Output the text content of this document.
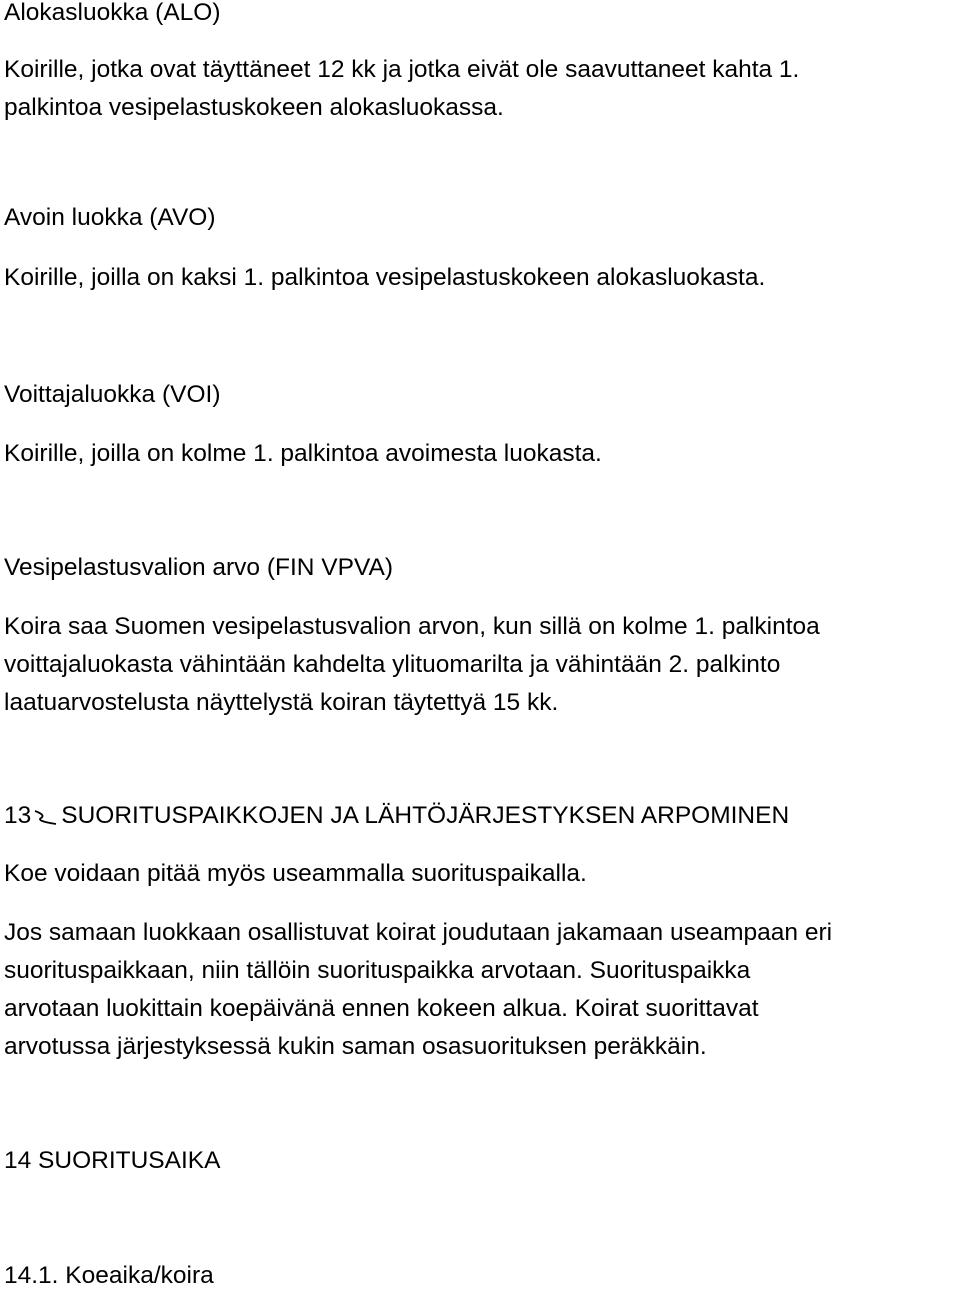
Alokasluokka (ALO)

Koirille, jotka ovat täyttäneet 12 kk ja jotka eivät ole saavuttaneet kahta 1.
palkintoa vesipelastuskokeen alokasluokassa.

Avoin luokka (AVO)

Koirille, joilla on kaksi 1. palkintoa vesipelastuskokeen alokasluokasta.

Voittajaluokka (VOI)

Koirille, joilla on kolme 1. palkintoa avoimesta luokasta.

Vesipelastusvalion arvo (FIN VPVA)

Koira saa Suomen vesipelastusvalion arvon, kun sillä on kolme 1. palkintoa
voittajaluokasta vähintään kahdelta ylituomarilta ja vähintään 2. palkinto
laatuarvostelusta näyttelystä koiran täytettyä 15 kk.

13 SUORITUSPAIKKOJEN JA LÄHTÖJÄRJESTYKSEN ARPOMINEN

Koe voidaan pitää myös useammalla suorituspaikalla.

Jos samaan luokkaan osallistuvat koirat joudutaan jakamaan useampaan eri
suorituspaikkaan, niin tällöin suorituspaikka arvotaan. Suorituspaikka
arvotaan luokittain koepäivänä ennen kokeen alkua. Koirat suorittavat
arvotussa järjestyksessä kukin saman osasuorituksen peräkkäin.

14 SUORITUSAIKA

14.1. Koeaika/koira
